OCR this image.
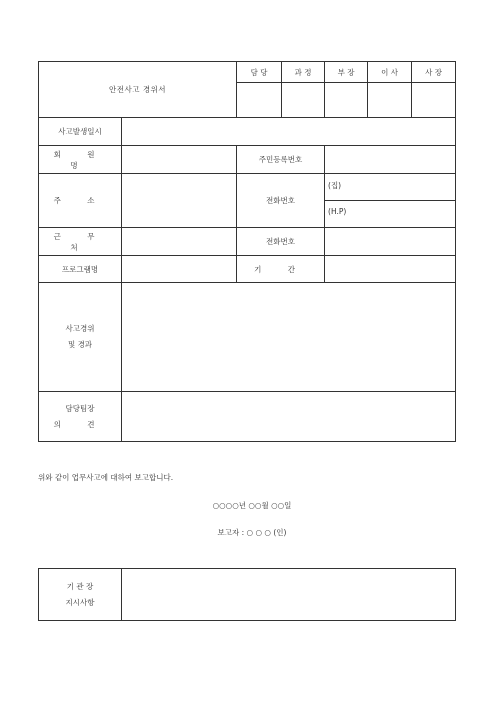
안전사고 경위서		담 당	과 정	부 장	이 사	사 장

사고발생일시						
회 원 명		주민등록번호				
주 소		전화번호		(집)		
				(H.P)		
근 무 처		전화번호				
프로그램명		기 간				

사고경위
및 경과						

담당팀장
의 견						

위와 같이 업무사고에 대하여 보고합니다.
○○○○년 ○○월 ○○일
보고자 : ○ ○ ○ (인)
기 관 장
지시사항
